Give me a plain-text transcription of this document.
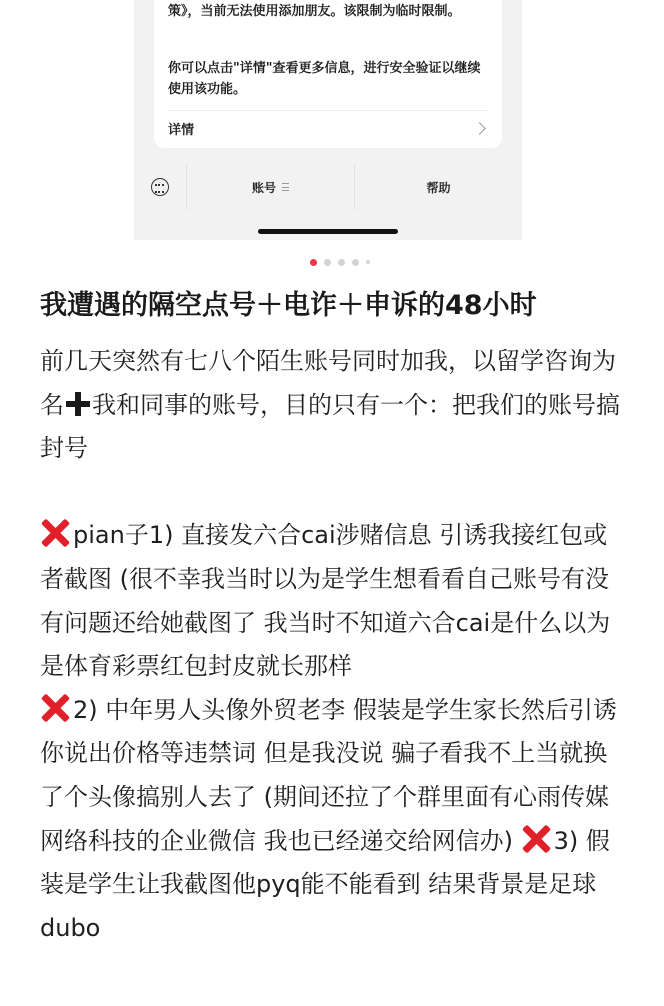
策》，当前无法使用添加朋友。该限制为临时限制。

你可以点击"详情"查看更多信息，进行安全验证以继续使用该功能。

详情
账号	帮助
我遭遇的隔空点号＋电诈＋申诉的48小时

前几天突然有七八个陌生账号同时加我，以留学咨询为名 我和同事的账号，目的只有一个：把我们的账号搞封号

pian子1) 直接发六合cai涉赌信息 引诱我接红包或者截图 (很不幸我当时以为是学生想看看自己账号有没有问题还给她截图了 我当时不知道六合cai是什么以为是体育彩票红包封皮就长那样

2) 中年男人头像外贸老李 假装是学生家长然后引诱你说出价格等违禁词 但是我没说 骗子看我不上当就换了个头像搞别人去了 (期间还拉了个群里面有心雨传媒网络科技的企业微信 我也已经递交给网信办) 3) 假装是学生让我截图他pyq能不能看到 结果背景是足球dubo
